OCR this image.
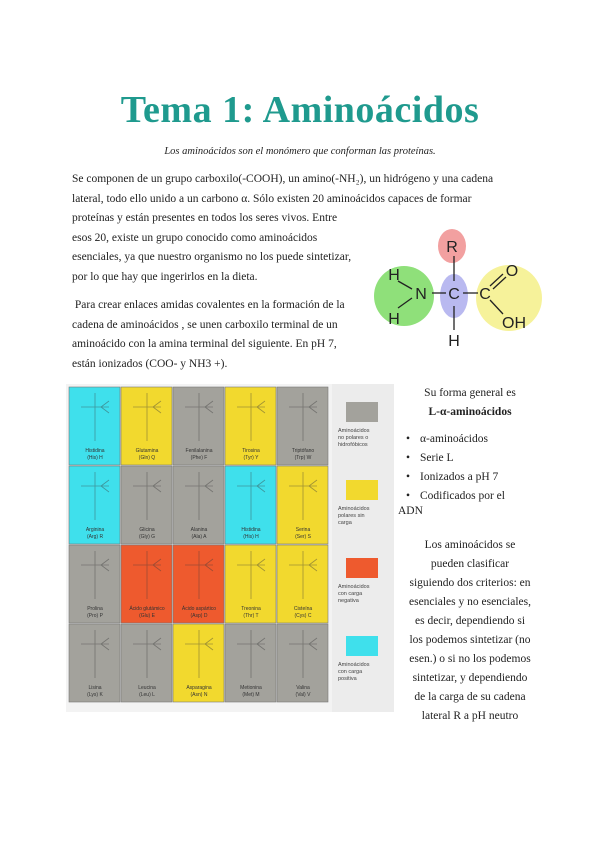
Tema 1: Aminoácidos
Los aminoácidos son el monómero que conforman las proteínas.
Se componen de un grupo carboxilo(-COOH), un amino(-NH₂), un hidrógeno y una cadena
lateral, todo ello unido a un carbono α. Sólo existen 20 aminoácidos capaces de formar
proteínas y están presentes en todos los seres vivos. Entre
esos 20, existe un grupo conocido como aminoácidos
esenciales, ya que nuestro organismo no los puede sintetizar,
por lo que hay que ingerirlos en la dieta.
Para crear enlaces amidas covalentes en la formación de la
cadena de aminoácidos , se unen carboxilo terminal de un
aminoácido con la amina terminal del siguiente. En pH 7,
están ionizados (COO- y NH3 +).
R
H
N
H
C
H
C
O
OH
Histidina
(His) H
Glutamina
(Gln) Q
Fenilalanina
(Phe) F
Tirosina
(Tyr) Y
Triptófano
(Trp) W
Arginina
(Arg) R
Glicina
(Gly) G
Alanina
(Ala) A
Histidina
(His) H
Serina
(Ser) S
Prolina
(Pro) P
Ácido glutámico
(Glu) E
Ácido aspártico
(Asp) D
Treonina
(Thr) T
Cisteína
(Cys) C
Lisina
(Lys) K
Leucina
(Leu) L
Asparagina
(Asn) N
Metionina
(Met) M
Valina
(Val) V
Aminoácidos no polares o hidrofóbicos
Aminoácidos polares sin carga
Aminoácidos con carga negativa
Aminoácidos con carga positiva
Su forma general es
L-α-aminoácidos
• α-aminoácidos
• Serie L
• Ionizados a pH 7
• Codificados por el
ADN
Los aminoácidos se
pueden clasificar
siguiendo dos criterios: en
esenciales y no esenciales,
es decir, dependiendo si
los podemos sintetizar (no
esen.) o si no los podemos
sintetizar, y dependiendo
de la carga de su cadena
lateral R a pH neutro
